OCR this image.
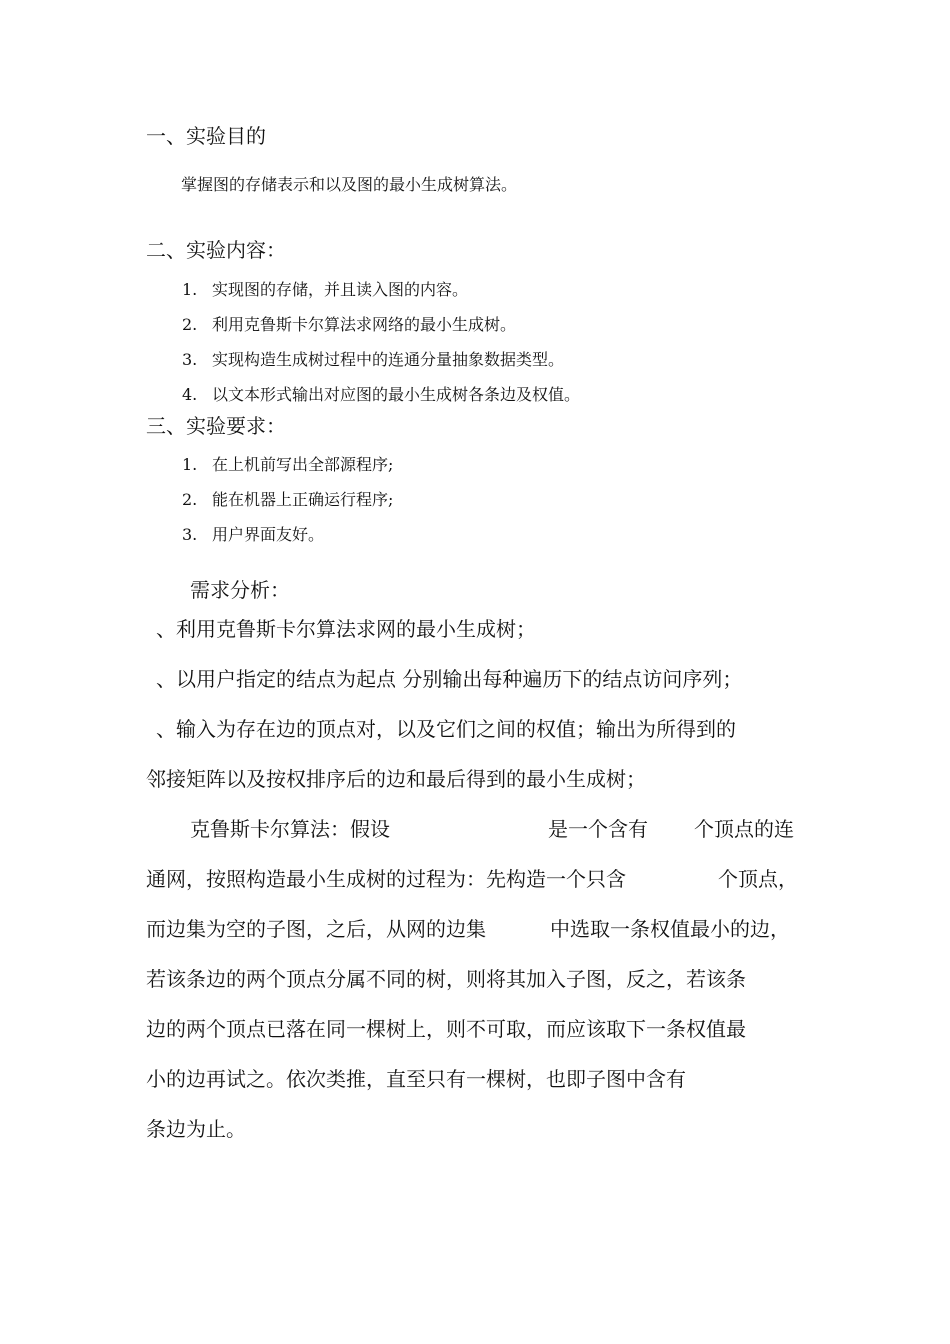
一、实验目的
掌握图的存储表示和以及图的最小生成树算法。
二、实验内容：
1. 实现图的存储，并且读入图的内容。
2. 利用克鲁斯卡尔算法求网络的最小生成树。
3. 实现构造生成树过程中的连通分量抽象数据类型。
4. 以文本形式输出对应图的最小生成树各条边及权值。
三、实验要求：
1. 在上机前写出全部源程序;
2. 能在机器上正确运行程序;
3. 用户界面友好。
需求分析：
、利用克鲁斯卡尔算法求网的最小生成树；
、以用户指定的结点为起点 分别输出每种遍历下的结点访问序列；
、输入为存在边的顶点对，以及它们之间的权值；输出为所得到的
邻接矩阵以及按权排序后的边和最后得到的最小生成树；
克鲁斯卡尔算法：假设	是一个含有 个顶点的连
通网，按照构造最小生成树的过程为：先构造一个只含	个顶点，
而边集为空的子图，之后，从网的边集	中选取一条权值最小的边，
若该条边的两个顶点分属不同的树，则将其加入子图，反之，若该条
边的两个顶点已落在同一棵树上，则不可取，而应该取下一条权值最
小的边再试之。依次类推，直至只有一棵树，也即子图中含有
条边为止。
